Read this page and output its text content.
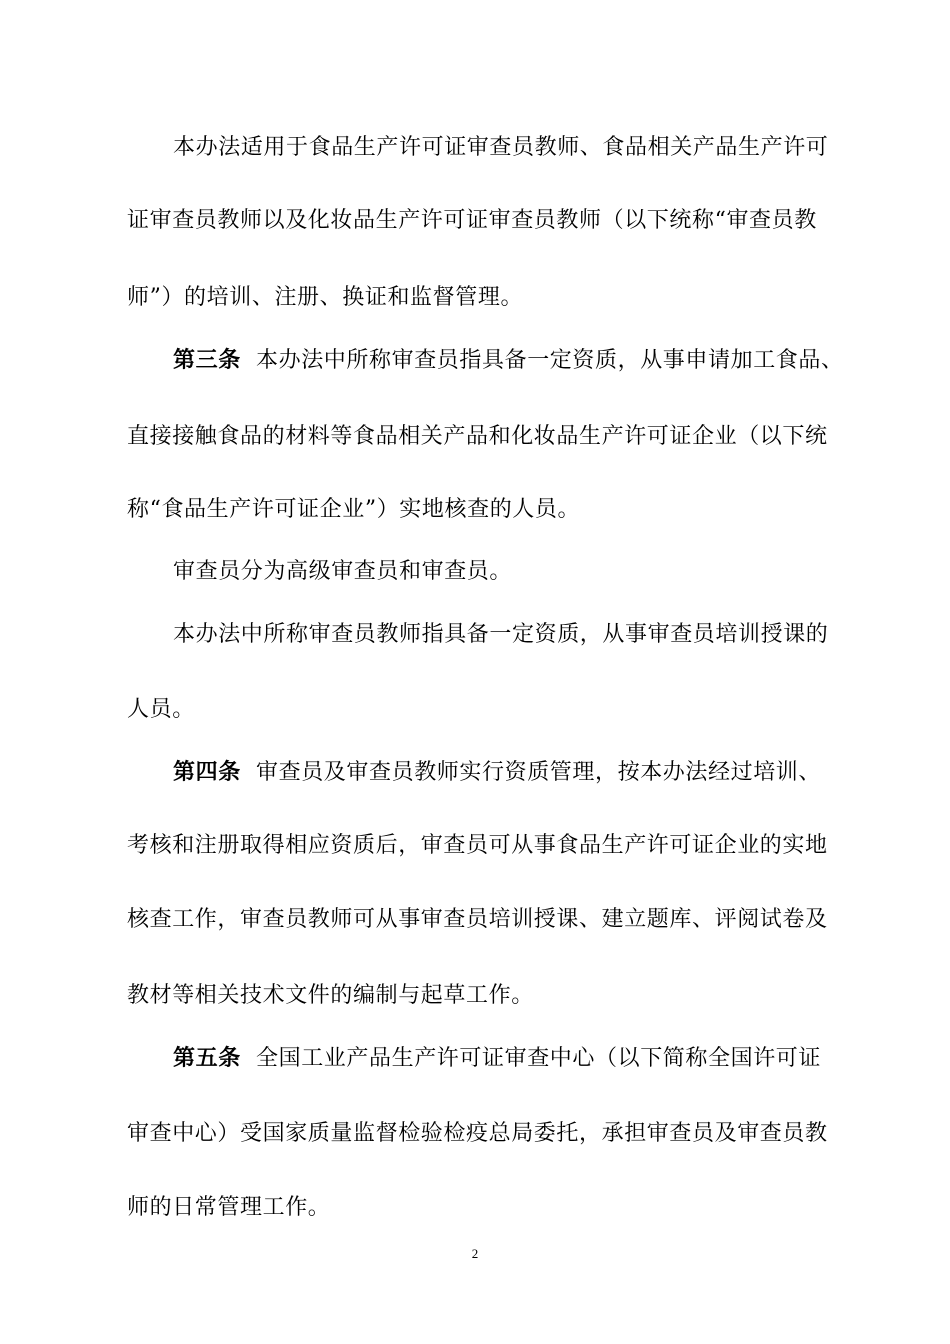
本办法适用于食品生产许可证审查员教师、食品相关产品生产许可
证审查员教师以及化妆品生产许可证审查员教师（以下统称“审查员教
师”）的培训、注册、换证和监督管理。
第三条 本办法中所称审查员指具备一定资质，从事申请加工食品、
直接接触食品的材料等食品相关产品和化妆品生产许可证企业（以下统
称“食品生产许可证企业”）实地核查的人员。
审查员分为高级审查员和审查员。
本办法中所称审查员教师指具备一定资质，从事审查员培训授课的
人员。
第四条 审查员及审查员教师实行资质管理，按本办法经过培训、
考核和注册取得相应资质后，审查员可从事食品生产许可证企业的实地
核查工作，审查员教师可从事审查员培训授课、建立题库、评阅试卷及
教材等相关技术文件的编制与起草工作。
第五条 全国工业产品生产许可证审查中心（以下简称全国许可证
审查中心）受国家质量监督检验检疫总局委托，承担审查员及审查员教
师的日常管理工作。
2
